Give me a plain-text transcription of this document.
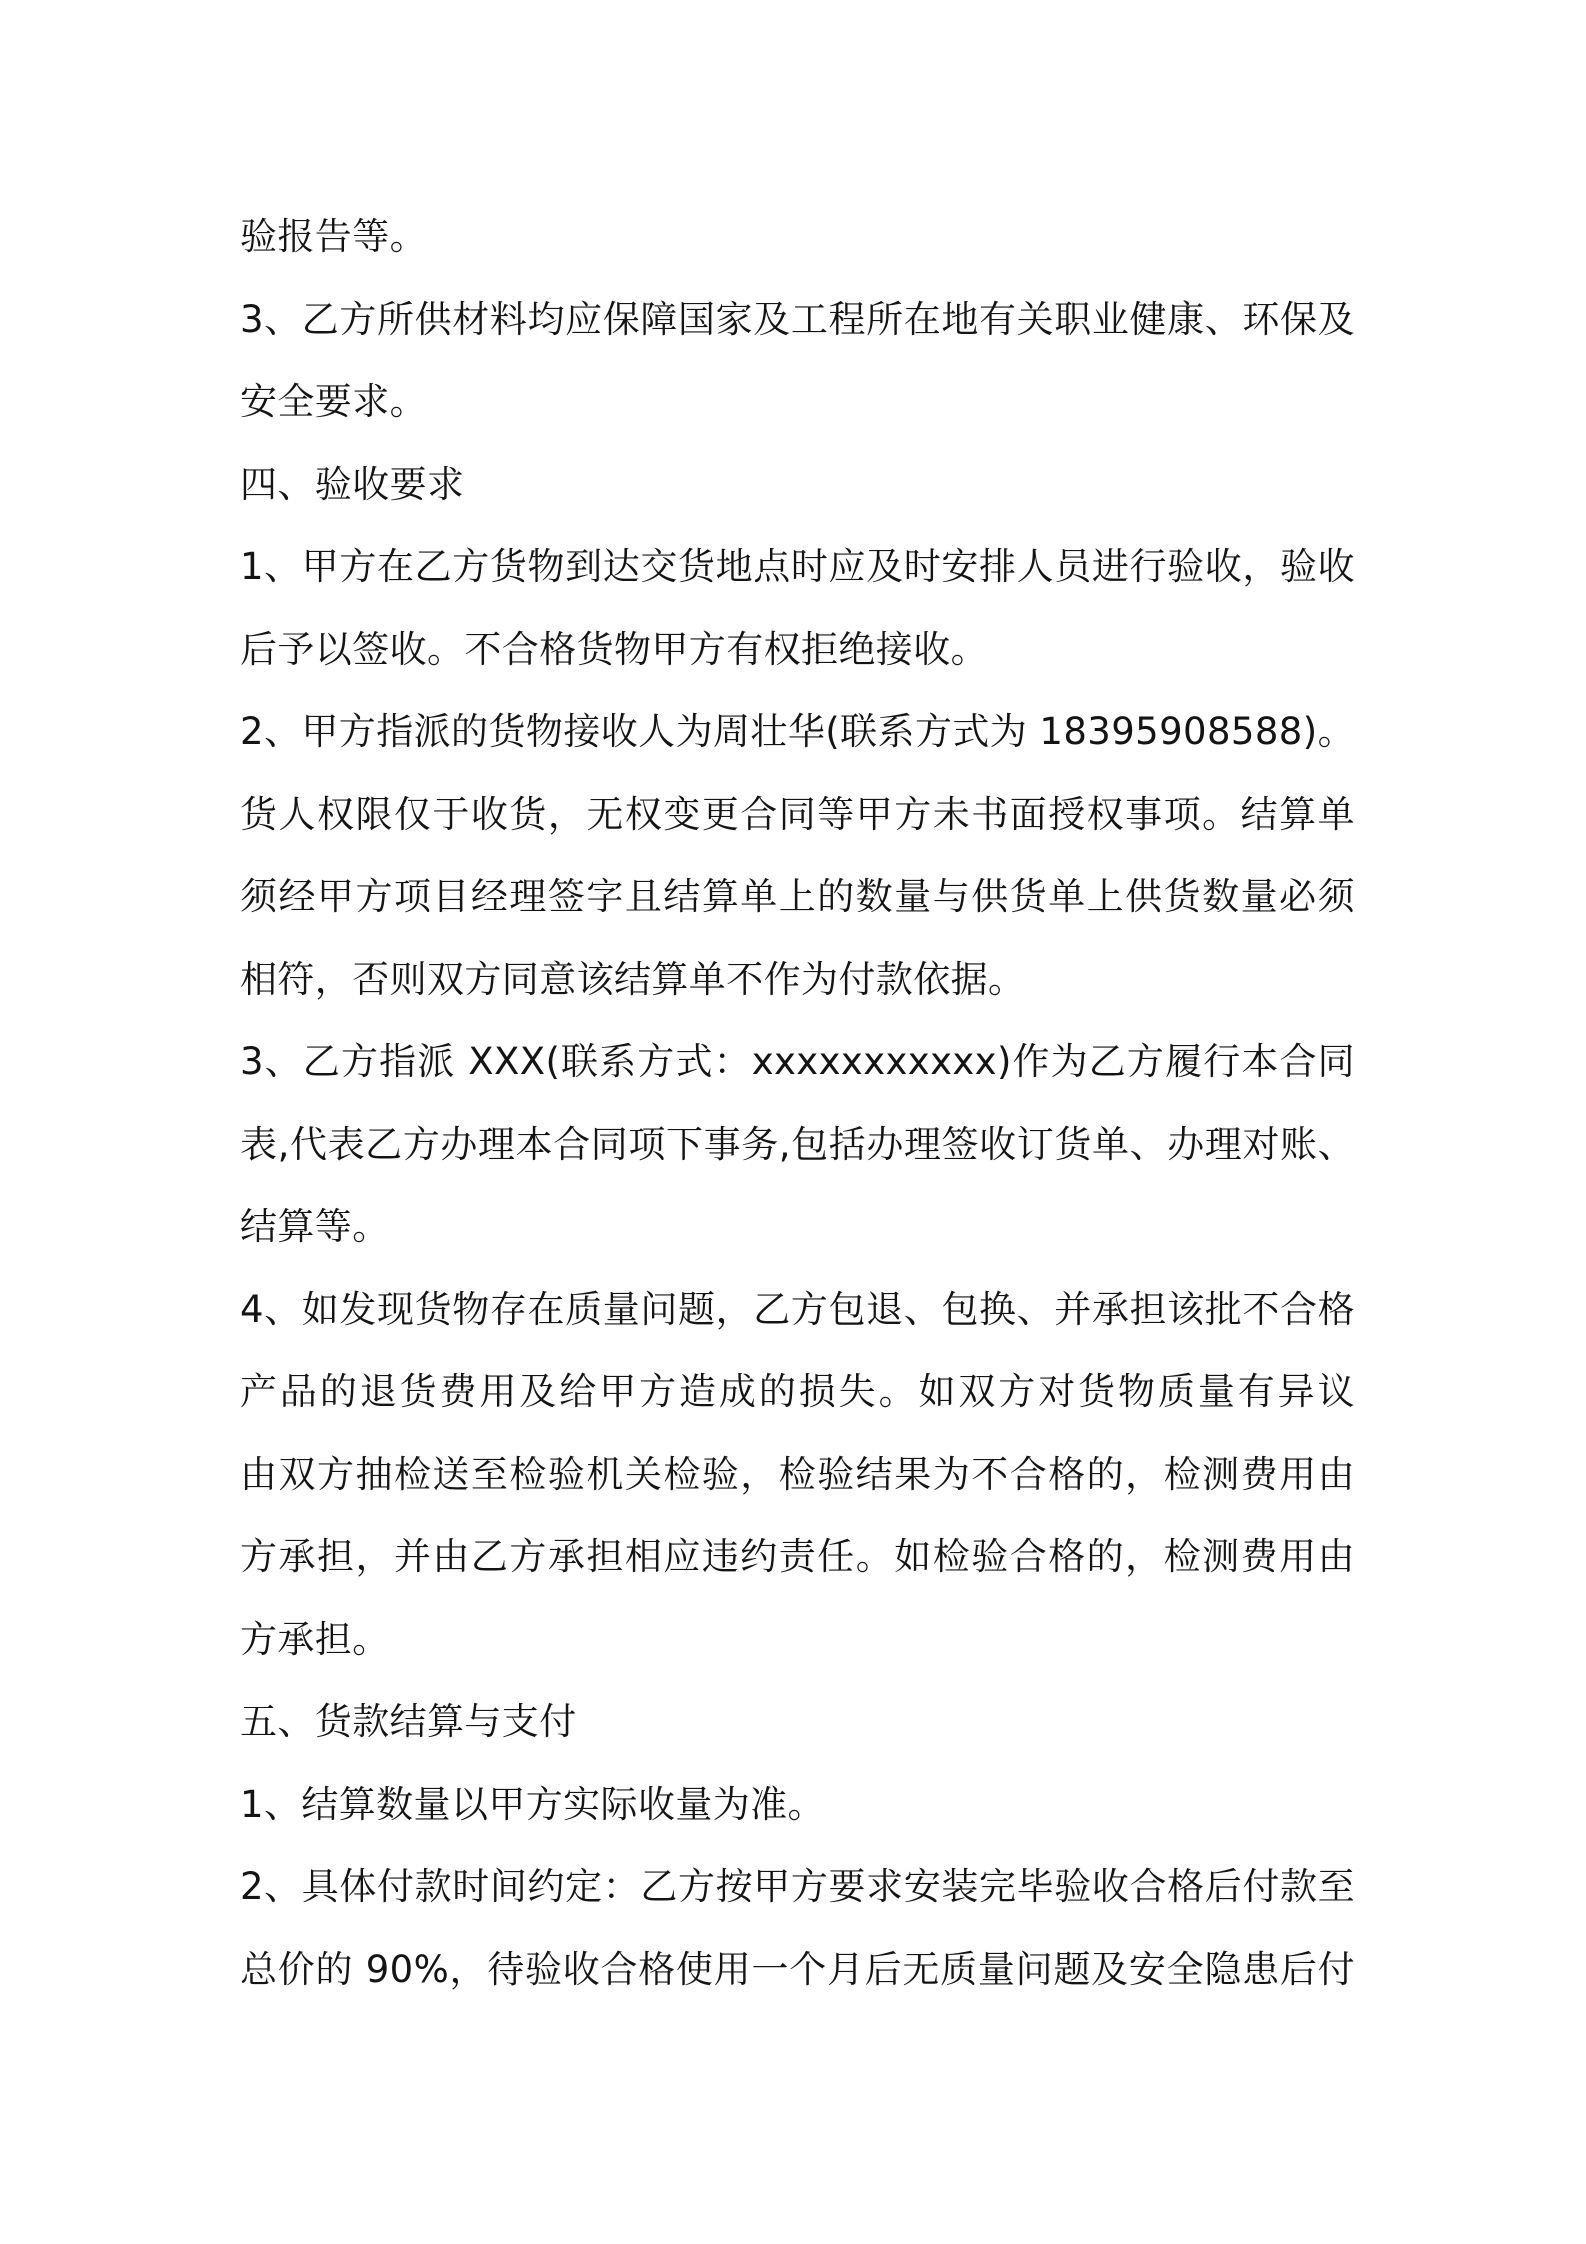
验报告等。
3、乙方所供材料均应保障国家及工程所在地有关职业健康、环保及
安全要求。
四、验收要求
1、甲方在乙方货物到达交货地点时应及时安排人员进行验收，验收
后予以签收。不合格货物甲方有权拒绝接收。
2、甲方指派的货物接收人为周壮华(联系方式为 18395908588)。
货人权限仅于收货，无权变更合同等甲方未书面授权事项。结算单
须经甲方项目经理签字且结算单上的数量与供货单上供货数量必须
相符，否则双方同意该结算单不作为付款依据。
3、乙方指派 XXX(联系方式：xxxxxxxxxxx)作为乙方履行本合同
表,代表乙方办理本合同项下事务,包括办理签收订货单、办理对账、
结算等。
4、如发现货物存在质量问题，乙方包退、包换、并承担该批不合格
产品的退货费用及给甲方造成的损失。如双方对货物质量有异议
由双方抽检送至检验机关检验，检验结果为不合格的，检测费用由
方承担，并由乙方承担相应违约责任。如检验合格的，检测费用由
方承担。
五、货款结算与支付
1、结算数量以甲方实际收量为准。
2、具体付款时间约定：乙方按甲方要求安装完毕验收合格后付款至
总价的 90%，待验收合格使用一个月后无质量问题及安全隐患后付
